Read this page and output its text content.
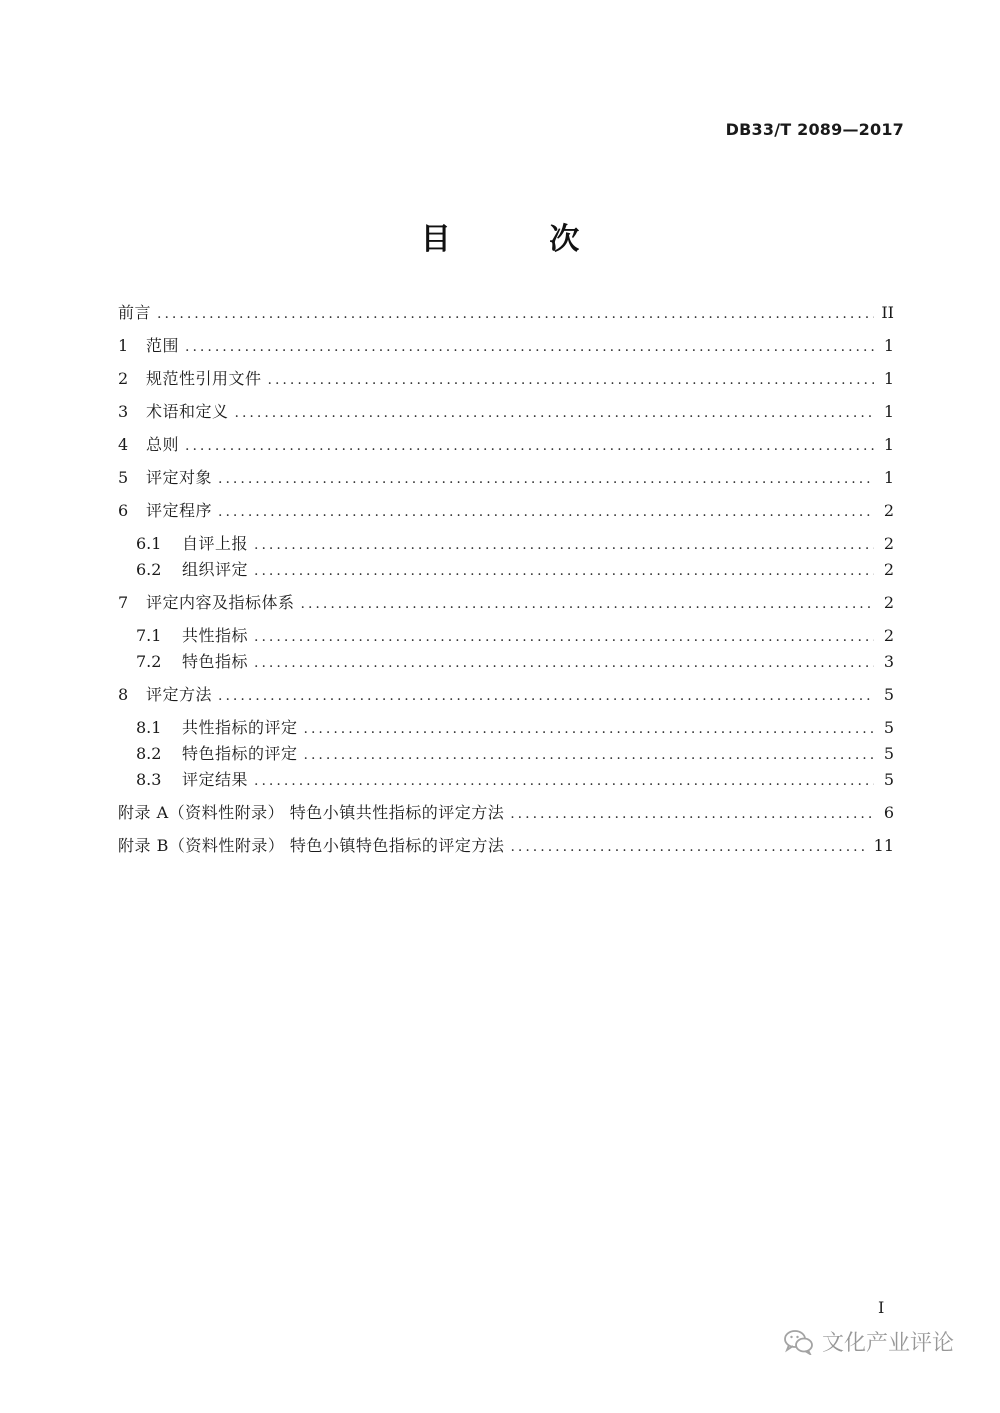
DB33/T 2089—2017
目 次
前言 .....	II
1	范围 .....	1
2	规范性引用文件 .....	1
3	术语和定义 .....	1
4	总则 .....	1
5	评定对象 .....	1
6	评定程序 .....	2
6.1	自评上报 .....	2
6.2	组织评定 .....	2
7	评定内容及指标体系 .....	2
7.1	共性指标 .....	2
7.2	特色指标 .....	3
8	评定方法 .....	5
8.1	共性指标的评定 .....	5
8.2	特色指标的评定 .....	5
8.3	评定结果 .....	5
附录 A（资料性附录） 特色小镇共性指标的评定方法 .....	6
附录 B（资料性附录） 特色小镇特色指标的评定方法 .....	11
I
文化产业评论
